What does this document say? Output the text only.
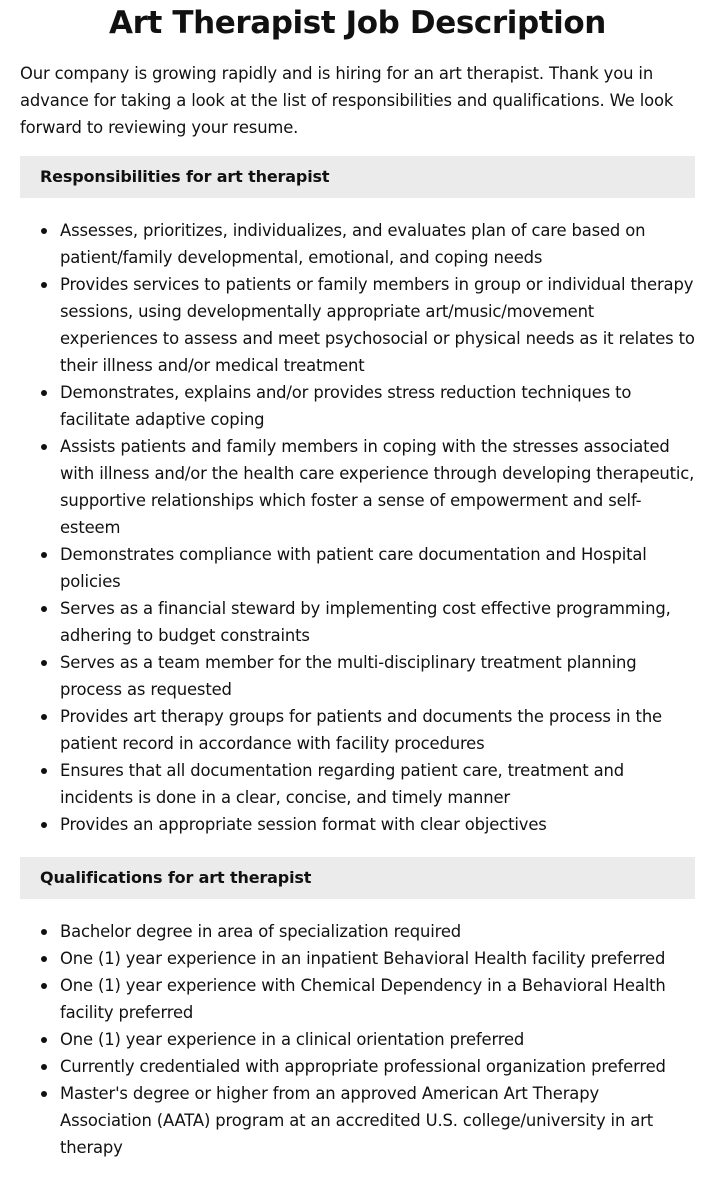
Art Therapist Job Description

Our company is growing rapidly and is hiring for an art therapist. Thank you in advance for taking a look at the list of responsibilities and qualifications. We look forward to reviewing your resume.

Responsibilities for art therapist
Assesses, prioritizes, individualizes, and evaluates plan of care based on patient/family developmental, emotional, and coping needs
Provides services to patients or family members in group or individual therapy sessions, using developmentally appropriate art/music/movement experiences to assess and meet psychosocial or physical needs as it relates to their illness and/or medical treatment
Demonstrates, explains and/or provides stress reduction techniques to facilitate adaptive coping
Assists patients and family members in coping with the stresses associated with illness and/or the health care experience through developing therapeutic, supportive relationships which foster a sense of empowerment and self-esteem
Demonstrates compliance with patient care documentation and Hospital policies
Serves as a financial steward by implementing cost effective programming, adhering to budget constraints
Serves as a team member for the multi-disciplinary treatment planning process as requested
Provides art therapy groups for patients and documents the process in the patient record in accordance with facility procedures
Ensures that all documentation regarding patient care, treatment and incidents is done in a clear, concise, and timely manner
Provides an appropriate session format with clear objectives
Qualifications for art therapist
Bachelor degree in area of specialization required
One (1) year experience in an inpatient Behavioral Health facility preferred
One (1) year experience with Chemical Dependency in a Behavioral Health facility preferred
One (1) year experience in a clinical orientation preferred
Currently credentialed with appropriate professional organization preferred
Master's degree or higher from an approved American Art Therapy Association (AATA) program at an accredited U.S. college/university in art therapy
